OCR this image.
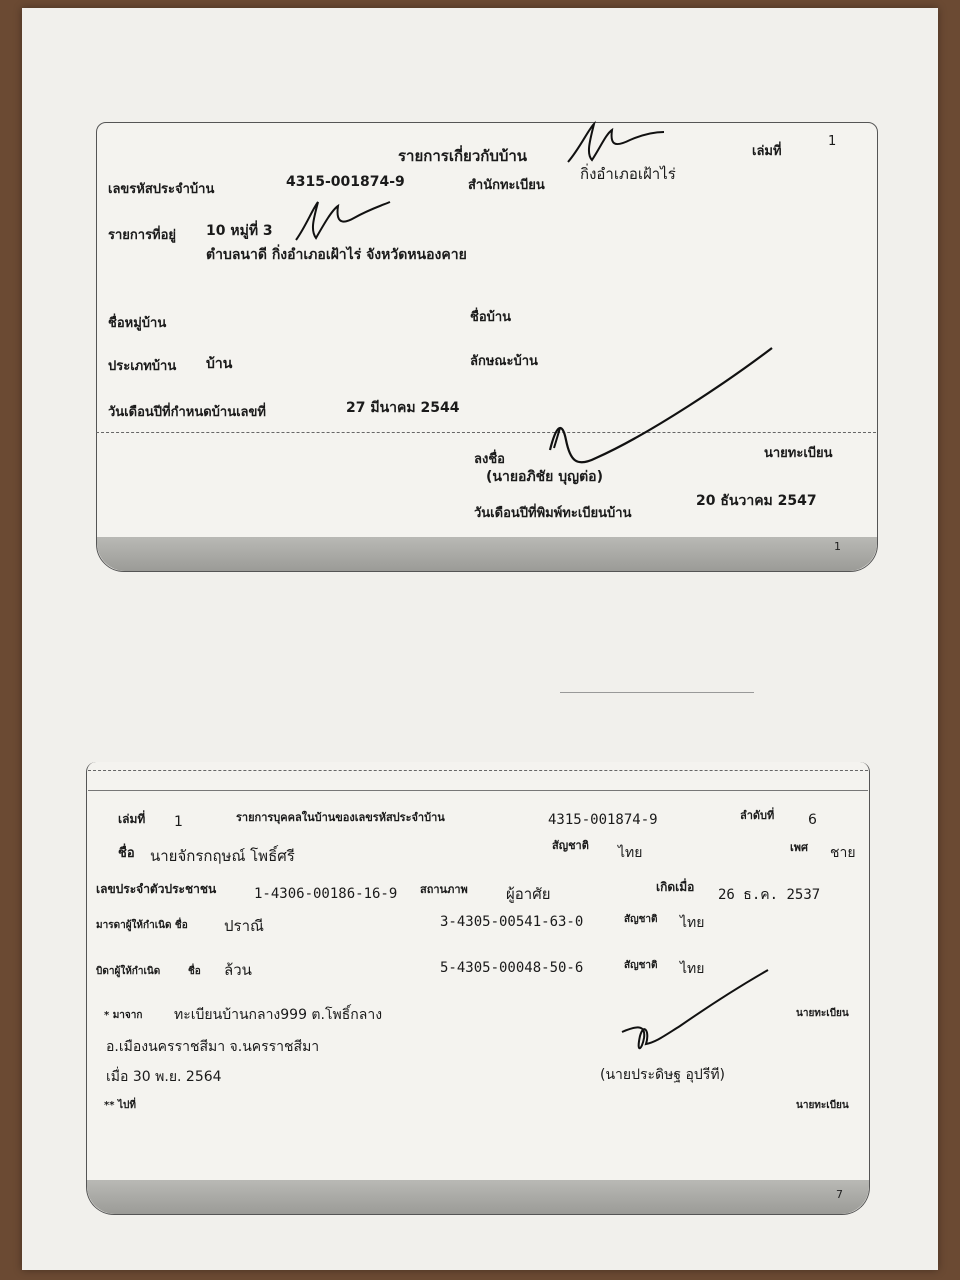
รายการเกี่ยวกับบ้าน	เล่มที่
1
เลขรหัสประจำบ้าน	4315-001874-9	สำนักทะเบียน
กิ่งอำเภอเฝ้าไร่
รายการที่อยู่ 10 หมู่ที่ 3
ตำบลนาดี กิ่งอำเภอเฝ้าไร่ จังหวัดหนองคาย
ชื่อหมู่บ้าน	ชื่อบ้าน
ประเภทบ้าน บ้าน	ลักษณะบ้าน
วันเดือนปีที่กำหนดบ้านเลขที่	27 มีนาคม 2544
ลงชื่อ	นายทะเบียน
(นายอภิชัย บุญต่อ)
วันเดือนปีที่พิมพ์ทะเบียนบ้าน
20 ธันวาคม 2547
1
เล่มที่ 1	รายการบุคคลในบ้านของเลขรหัสประจำบ้าน	4315-001874-9	ลำดับที่ 6
ชื่อ นายจักรกฤษณ์ โพธิ์ศรี
สัญชาติ ไทย	เพศ ชาย
เลขประจำตัวประชาชน	1-4306-00186-16-9 สถานภาพ	ผู้อาศัย	เกิดเมื่อ 26 ธ.ค. 2537
มารดาผู้ให้กำเนิด ชื่อ ปราณี	3-4305-00541-63-0	สัญชาติ ไทย
บิดาผู้ให้กำเนิด	ชื่อ ล้วน	5-4305-00048-50-6	สัญชาติ ไทย
* มาจาก ทะเบียนบ้านกลาง999 ต.โพธิ์กลาง	นายทะเบียน
อ.เมืองนครราชสีมา จ.นครราชสีมา
เมื่อ 30 พ.ย. 2564	(นายประดิษฐ อุปรีที)
** ไปที่	นายทะเบียน
7
